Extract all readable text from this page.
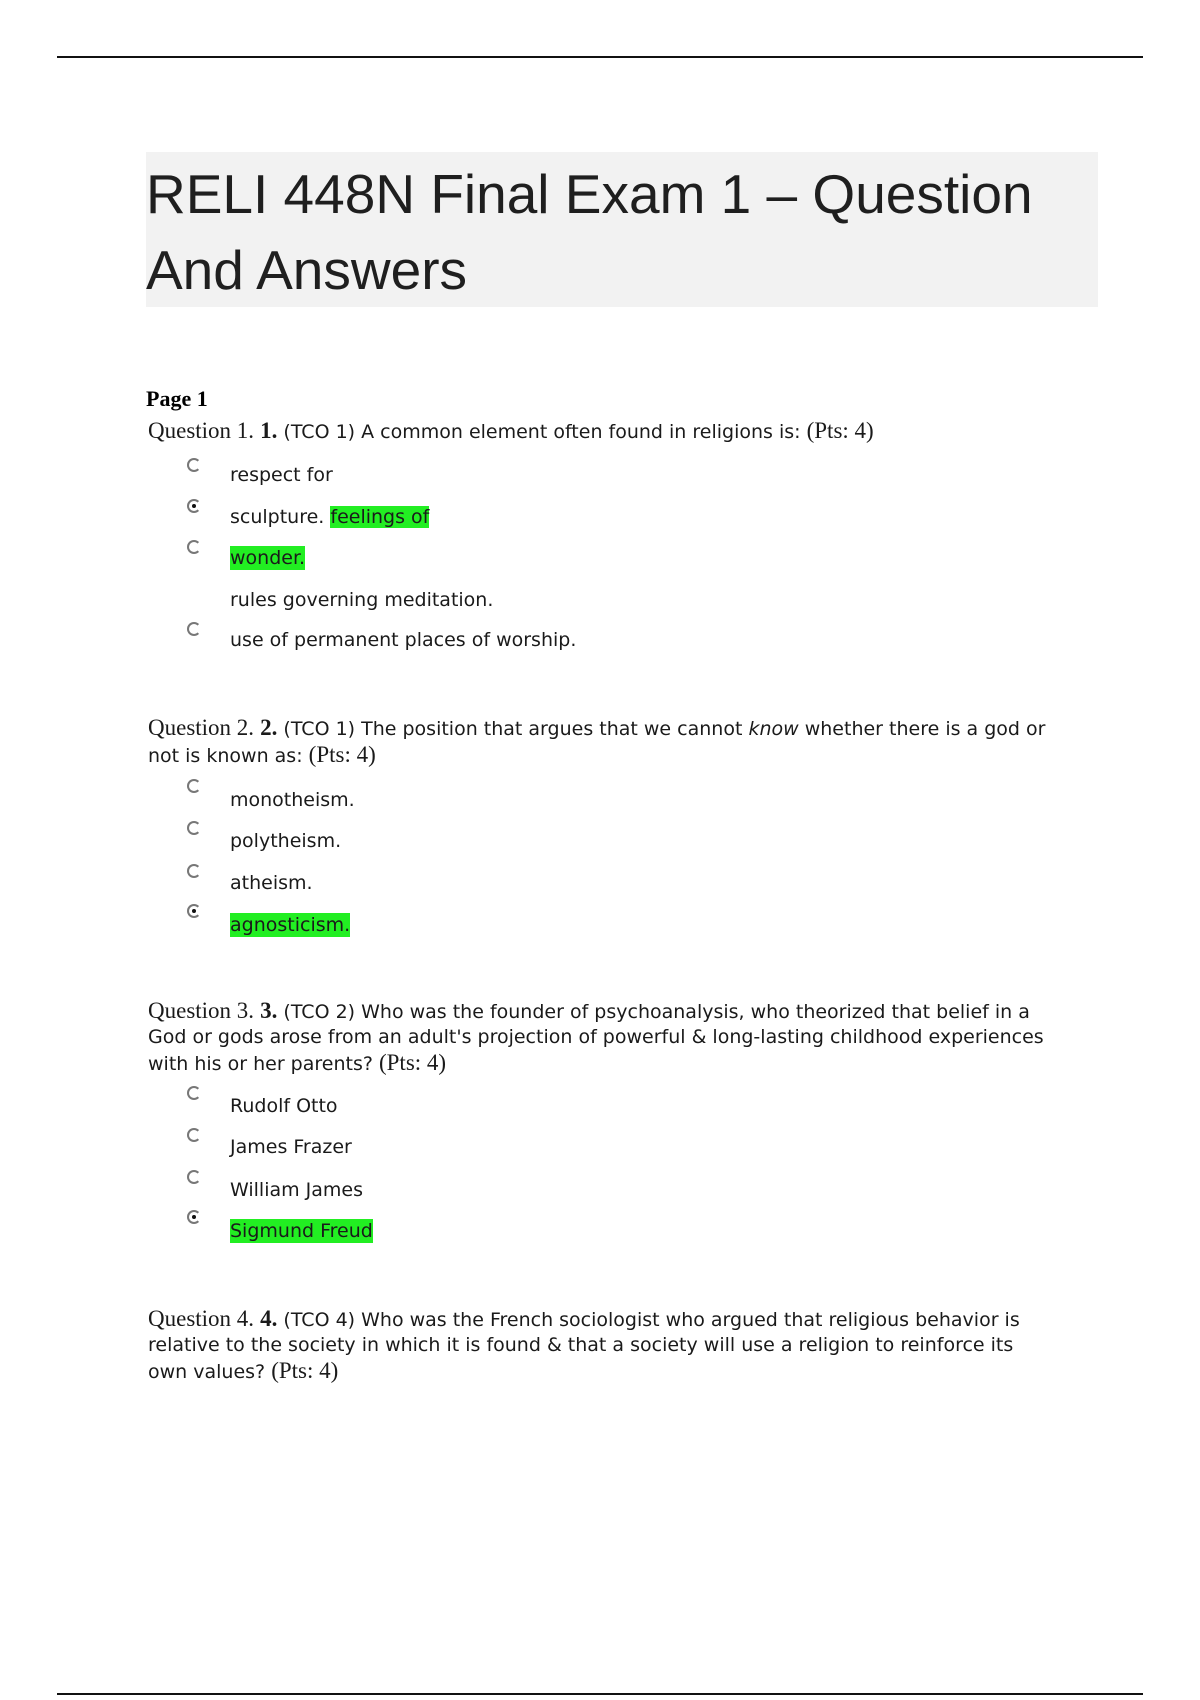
RELI 448N Final Exam 1 – Question And Answers
Page 1
Question 1. 1. (TCO 1) A common element often found in religions is: (Pts: 4)
respect for
sculpture. feelings of
wonder.
rules governing meditation.
use of permanent places of worship.
Question 2. 2. (TCO 1) The position that argues that we cannot know whether there is a god or not is known as: (Pts: 4)
monotheism.
polytheism.
atheism.
agnosticism.
Question 3. 3. (TCO 2) Who was the founder of psychoanalysis, who theorized that belief in a God or gods arose from an adult's projection of powerful & long-lasting childhood experiences with his or her parents? (Pts: 4)
Rudolf Otto
James Frazer
William James
Sigmund Freud
Question 4. 4. (TCO 4) Who was the French sociologist who argued that religious behavior is relative to the society in which it is found & that a society will use a religion to reinforce its own values? (Pts: 4)
